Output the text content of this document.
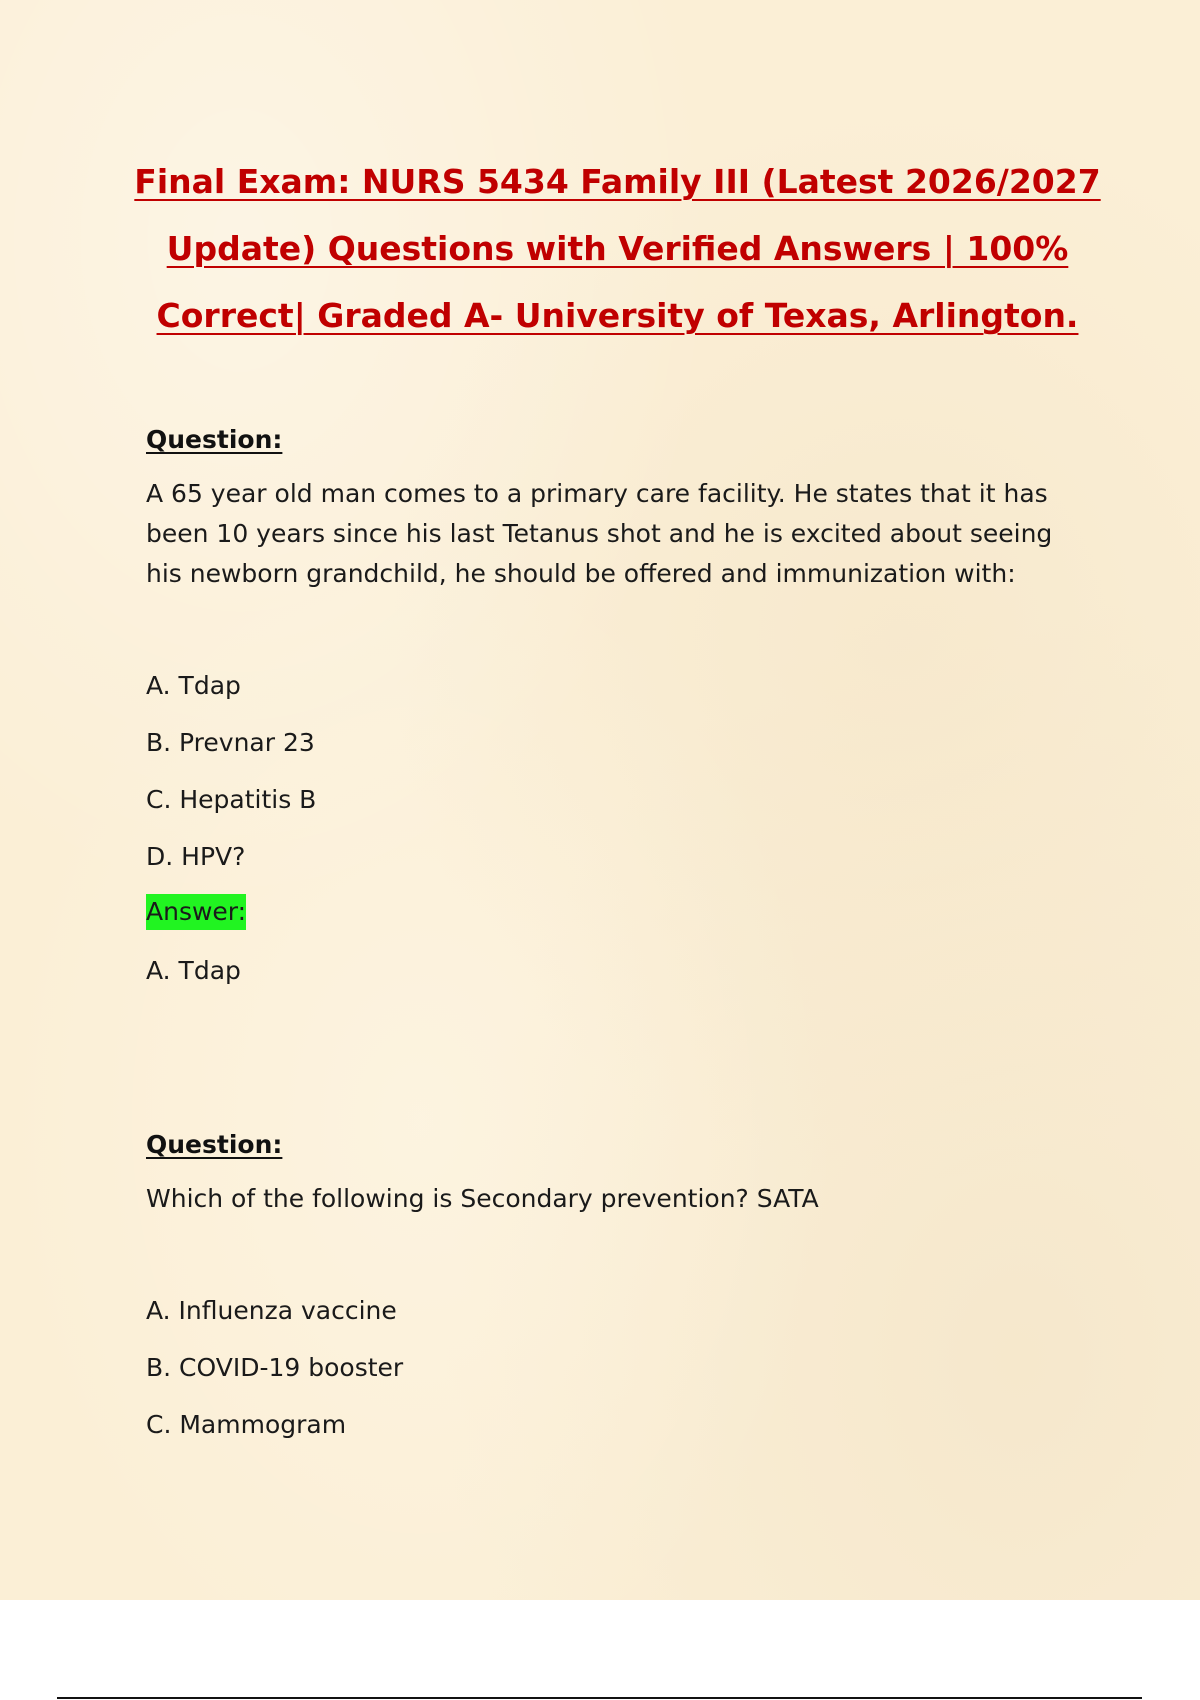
Final Exam: NURS 5434 Family III (Latest 2026/2027
Update) Questions with Verified Answers | 100%
Correct| Graded A- University of Texas, Arlington.
Question:
A 65 year old man comes to a primary care facility. He states that it has been 10 years since his last Tetanus shot and he is excited about seeing his newborn grandchild, he should be offered and immunization with:
A. Tdap
B. Prevnar 23
C. Hepatitis B
D. HPV?
Answer:
A. Tdap
Question:
Which of the following is Secondary prevention? SATA
A. Influenza vaccine
B. COVID-19 booster
C. Mammogram
